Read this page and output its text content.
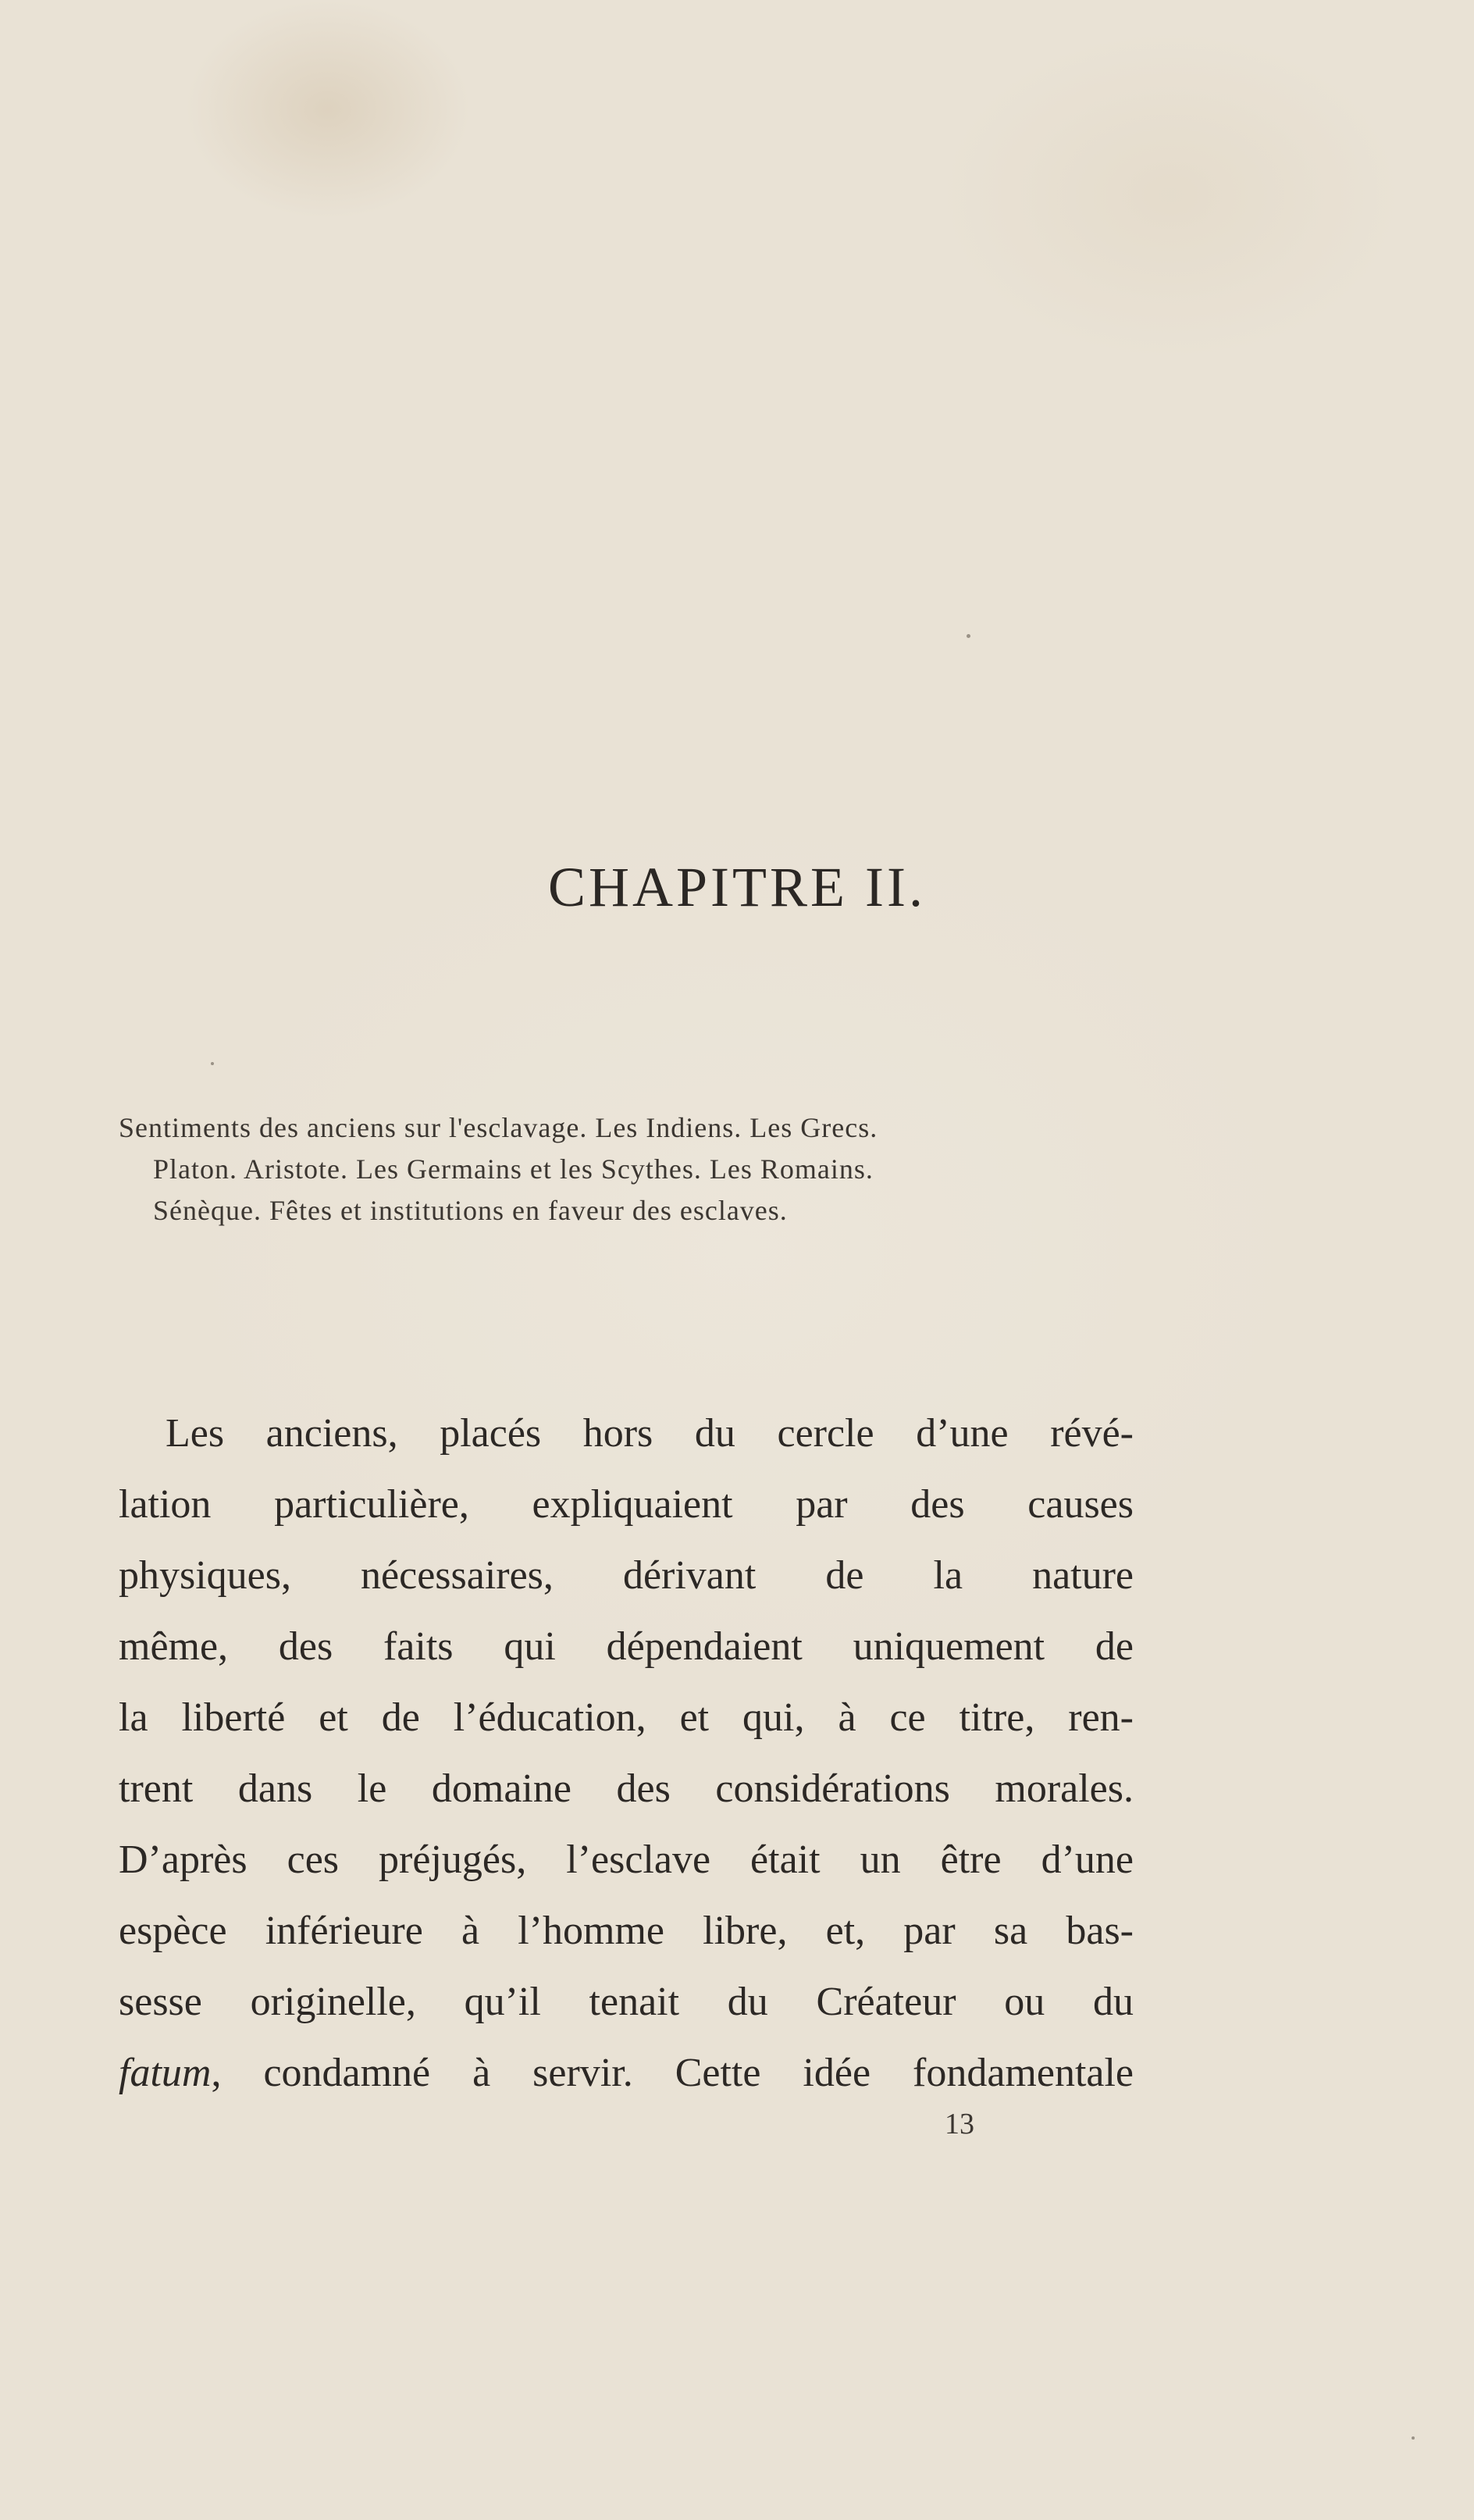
CHAPITRE II.

Sentiments des anciens sur l'esclavage. Les Indiens. Les Grecs.
Platon. Aristote. Les Germains et les Scythes. Les Romains.
Sénèque. Fêtes et institutions en faveur des esclaves.

Les anciens, placés hors du cercle d’une révé-
lation particulière, expliquaient par des causes
physiques, nécessaires, dérivant de la nature
même, des faits qui dépendaient uniquement de
la liberté et de l’éducation, et qui, à ce titre, ren-
trent dans le domaine des considérations morales.
D’après ces préjugés, l’esclave était un être d’une
espèce inférieure à l’homme libre, et, par sa bas-
sesse originelle, qu’il tenait du Créateur ou du
fatum, condamné à servir. Cette idée fondamentale
13
